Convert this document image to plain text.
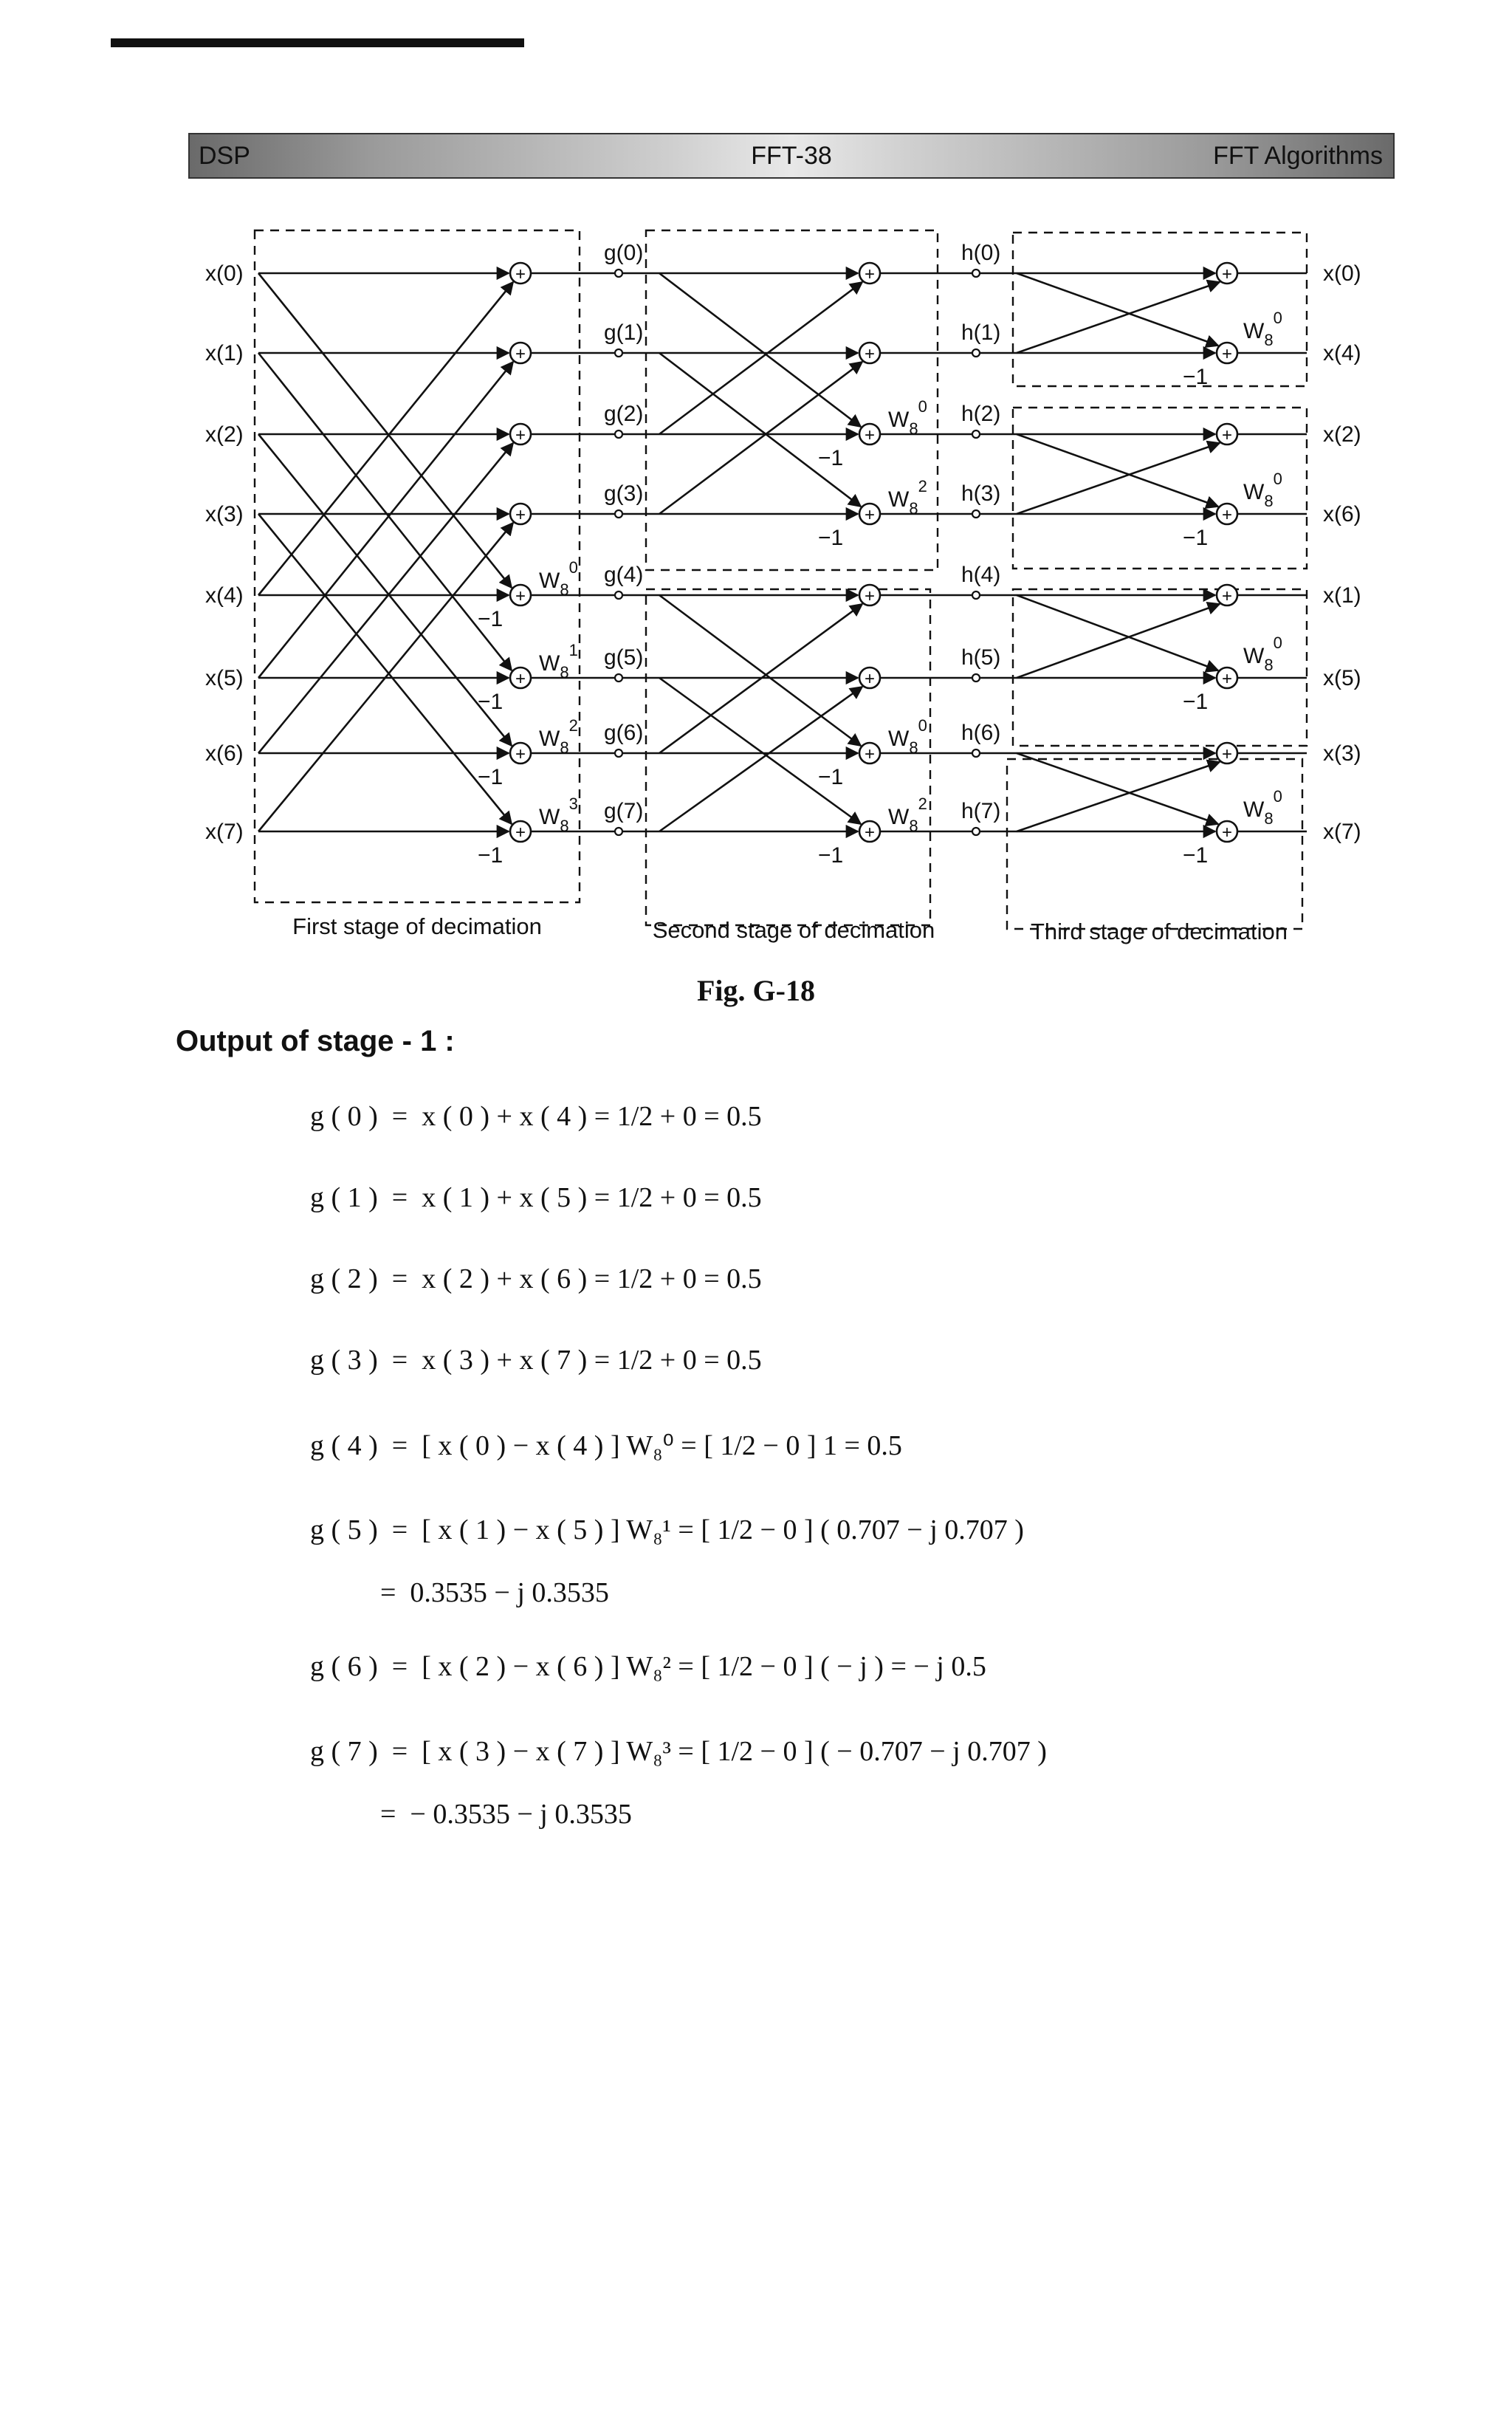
DSP	FFT-38	FFT Algorithms
x(0)
x(1)
x(2)
x(3)
x(4)
x(5)
x(6)
x(7)
+
+
+
+
+
+
+
+
−1
$W_8^0$
−1
$W_8^1$
−1
$W_8^2$
−1
$W_8^3$
g(0)
g(1)
g(2)
g(3)
g(4)
g(5)
g(6)
g(7)
+
+
+
+
+
+
+
+
−1
$W_8^0$
−1
$W_8^2$
−1
$W_8^0$
−1
$W_8^2$
h(0)
h(1)
h(2)
h(3)
h(4)
h(5)
h(6)
h(7)
+
+
+
+
+
+
+
+
−1
$W_8^0$
−1
$W_8^0$
−1
$W_8^0$
−1
$W_8^0$
x(0)
x(4)
x(2)
x(6)
x(1)
x(5)
x(3)
x(7)
First stage of decimation	Second stage of decimation	Third stage of decimation
Fig. G-18
Output of stage - 1 :
g ( 0 )  =  x ( 0 ) + x ( 4 ) = 1/2 + 0 = 0.5
g ( 1 )  =  x ( 1 ) + x ( 5 ) = 1/2 + 0 = 0.5
g ( 2 )  =  x ( 2 ) + x ( 6 ) = 1/2 + 0 = 0.5
g ( 3 )  =  x ( 3 ) + x ( 7 ) = 1/2 + 0 = 0.5
g ( 4 )  =  [ x ( 0 ) − x ( 4 ) ] W₈⁰ = [ 1/2 − 0 ] 1 = 0.5
g ( 5 )  =  [ x ( 1 ) − x ( 5 ) ] W₈¹ = [ 1/2 − 0 ] ( 0.707 − j 0.707 )
=  0.3535 − j 0.3535
g ( 6 )  =  [ x ( 2 ) − x ( 6 ) ] W₈² = [ 1/2 − 0 ] ( − j ) = − j 0.5
g ( 7 )  =  [ x ( 3 ) − x ( 7 ) ] W₈³ = [ 1/2 − 0 ] ( − 0.707 − j 0.707 )
=  − 0.3535 − j 0.3535
